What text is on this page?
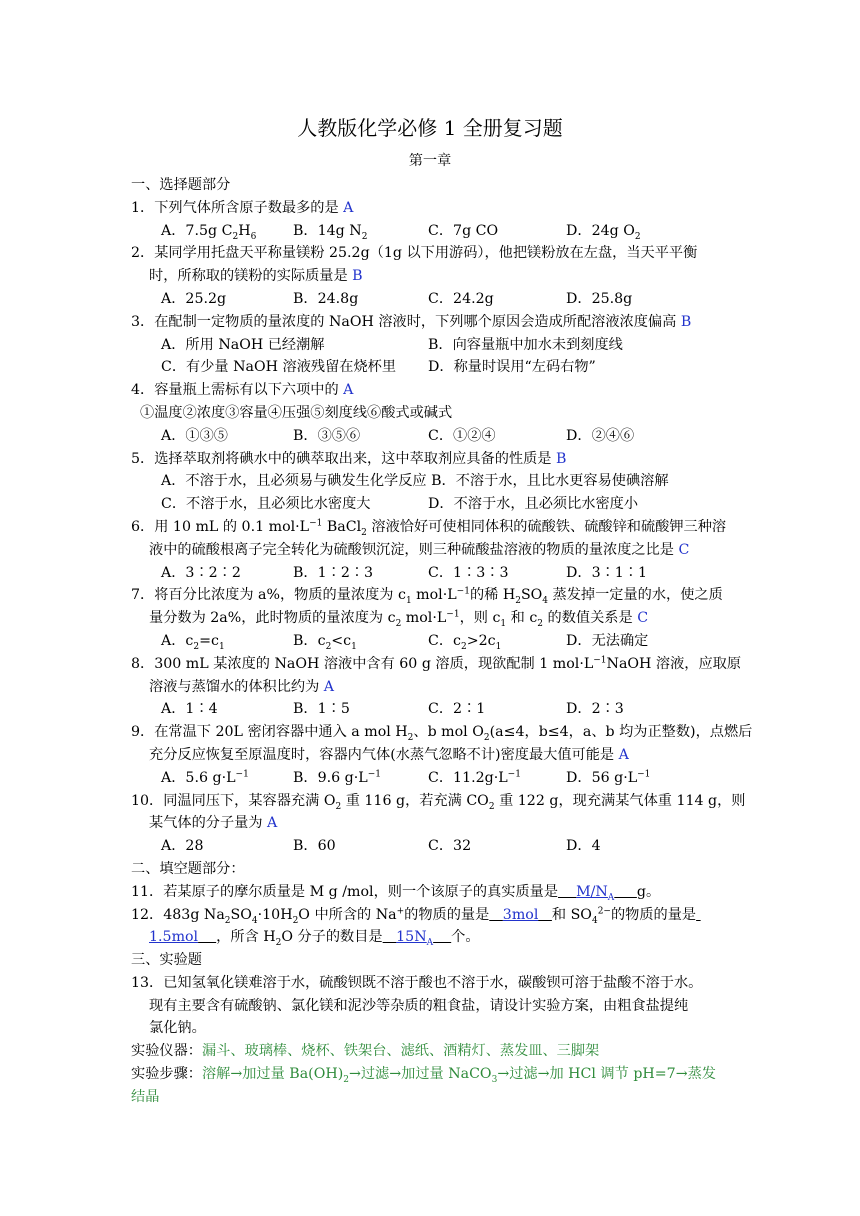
人教版化学必修 1 全册复习题
第一章
一、选择题部分
1．下列气体所含原子数最多的是 A
A．7.5g $C_2H_6$	B．14g $N_2$	C．7g CO	D．24g $O_2$
2．某同学用托盘天平称量镁粉 25.2g（1g 以下用游码），他把镁粉放在左盘，当天平平衡
时，所称取的镁粉的实际质量是 B
A．25.2g	B．24.8g	C．24.2g	D．25.8g
3．在配制一定物质的量浓度的 NaOH 溶液时，下列哪个原因会造成所配溶液浓度偏高 B
A．所用 NaOH 已经潮解	B．向容量瓶中加水未到刻度线
C．有少量 NaOH 溶液残留在烧杯里 D．称量时误用“左码右物”
4．容量瓶上需标有以下六项中的 A
①温度②浓度③容量④压强⑤刻度线⑥酸式或碱式
A．①③⑤	B．③⑤⑥	C．①②④	D．②④⑥
5．选择萃取剂将碘水中的碘萃取出来，这中萃取剂应具备的性质是 B
A．不溶于水，且必须易与碘发生化学反应 B．不溶于水，且比水更容易使碘溶解
C．不溶于水，且必须比水密度大	D．不溶于水，且必须比水密度小
6．用 10 mL 的 0.1 $mol\cdot L^{-1}$ BaCl$_2$ 溶液恰好可使相同体积的硫酸铁、硫酸锌和硫酸钾三种溶
液中的硫酸根离子完全转化为硫酸钡沉淀，则三种硫酸盐溶液的物质的量浓度之比是 C
A．3∶2∶2	B．1∶2∶3	C．1∶3∶3	D．3∶1∶1
7．将百分比浓度为 a%，物质的量浓度为 $c_1$ $mol\cdot L^{-1}$的稀 $H_2SO_4$ 蒸发掉一定量的水，使之质
量分数为 2a%，此时物质的量浓度为 $c_2$ $mol\cdot L^{-1}$，则 $c_1$ 和 $c_2$ 的数值关系是 C
A．$c_2=c_1$	B．$c_2<c_1$	C．$c_2>2c_1$	D．无法确定
8．300 mL 某浓度的 NaOH 溶液中含有 60 g 溶质，现欲配制 1 $mol\cdot L^{-1}NaOH$ 溶液，应取原
溶液与蒸馏水的体积比约为 A
A．1∶4	B．1∶5	C．2∶1	D．2∶3
9．在常温下 20L 密闭容器中通入 a mol $H_2$、b mol $O_2(a\le 4$，b≤4，a、b 均为正整数)，点燃后
充分反应恢复至原温度时，容器内气体(水蒸气忽略不计)密度最大值可能是 A
A．5.6 $g\cdot L^{-1}$	B．9.6 $g\cdot L^{-1}$	C．$11.2g\cdot L^{-1}$	D．56 $g\cdot L^{-1}$
10．同温同压下，某容器充满 $O_2$ 重 116 g，若充满 $CO_2$ 重 122 g，现充满某气体重 114 g，则
某气体的分子量为 A
A．28	B．60	C．32	D．4
二、填空题部分：
11．若某原子的摩尔质量是 M g /mol，则一个该原子的真实质量是 $M/N_A$ g。
12．483g $Na_2SO_4\cdot 10H_2O$ 中所含的 Na+的物质的量是 3mol 和 $SO_4^{2-}$的物质的量是
1.5mol ，所含 $H_2O$ 分子的数目是 $15N_A$ 个。
三、实验题
13．已知氢氧化镁难溶于水，硫酸钡既不溶于酸也不溶于水，碳酸钡可溶于盐酸不溶于水。
现有主要含有硫酸钠、氯化镁和泥沙等杂质的粗食盐，请设计实验方案，由粗食盐提纯
氯化钠。
实验仪器：漏斗、玻璃棒、烧杯、铁架台、滤纸、酒精灯、蒸发皿、三脚架
实验步骤：溶解→加过量 $Ba(OH)_2\to$过滤→加过量 NaCO$_3$→过滤→加 HCl 调节 pH=7→蒸发
结晶
